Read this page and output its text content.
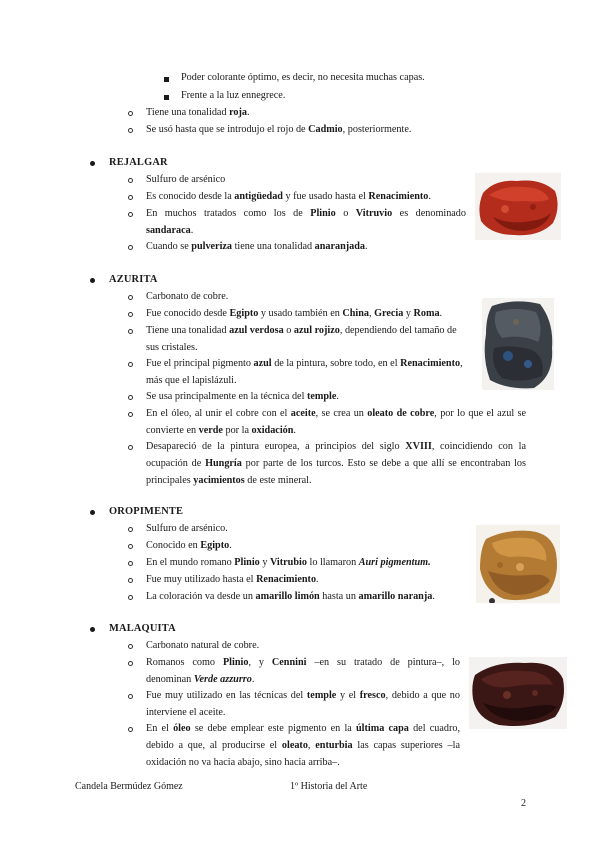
Poder colorante óptimo, es decir, no necesita muchas capas.
Frente a la luz ennegrece.
Tiene una tonalidad roja.
Se usó hasta que se introdujo el rojo de Cadmio, posteriormente.
REJALGAR
Sulfuro de arsénico
Es conocido desde la antigüedad y fue usado hasta el Renacimiento.
En muchos tratados como los de Plinio o Vitruvio es denominado
sandaraca.
Cuando se pulveriza tiene una tonalidad anaranjada.
AZURITA
Carbonato de cobre.
Fue conocido desde Egipto y usado también en China, Grecia y Roma.
Tiene una tonalidad azul verdosa o azul rojizo, dependiendo del tamaño de
sus cristales.
Fue el principal pigmento azul de la pintura, sobre todo, en el Renacimiento,
más que el lapislázuli.
Se usa principalmente en la técnica del temple.
En el óleo, al unir el cobre con el aceite, se crea un oleato de cobre, por lo que el azul se
convierte en verde por la oxidación.
Desapareció de la pintura europea, a principios del siglo XVIII, coincidiendo con la
ocupación de Hungría por parte de los turcos. Esto se debe a que allí se encontraban los
principales yacimientos de este mineral.
OROPIMENTE
Sulfuro de arsénico.
Conocido en Egipto.
En el mundo romano Plinio y Vitrubio lo llamaron Auri pigmentum.
Fue muy utilizado hasta el Renacimiento.
La coloración va desde un amarillo limón hasta un amarillo naranja.
MALAQUITA
Carbonato natural de cobre.
Romanos como Plinio, y Cennini –en su tratado de pintura–, lo
denominan Verde azzurro.
Fue muy utilizado en las técnicas del temple y el fresco, debido a que no
interviene el aceite.
En el óleo se debe emplear este pigmento en la última capa del cuadro,
debido a que, al producirse el oleato, enturbia las capas superiores –la
oxidación no va hacia abajo, sino hacia arriba–.
Candela Bermúdez Gómez	1º Historia del Arte
2
